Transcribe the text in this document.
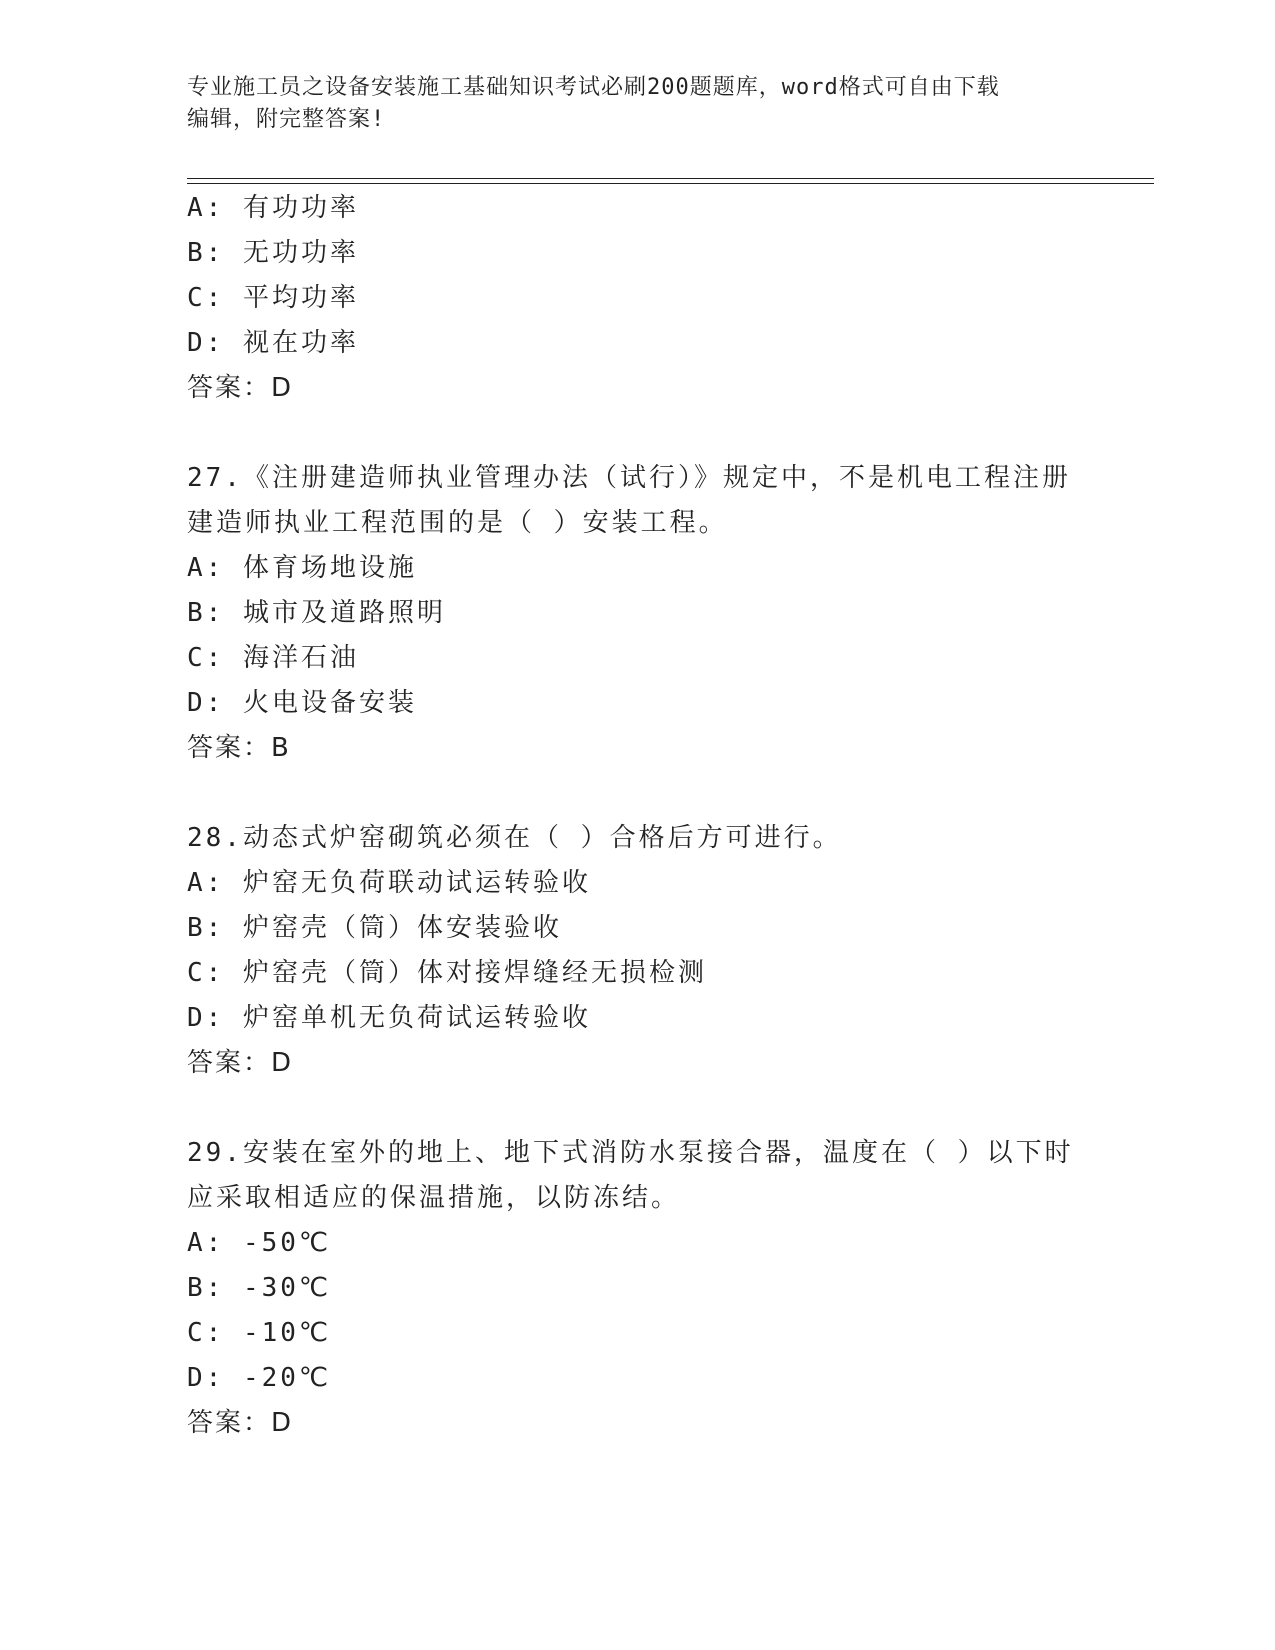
专业施工员之设备安装施工基础知识考试必刷200题题库，word格式可自由下载
编辑，附完整答案!
A: 有功功率
B: 无功功率
C: 平均功率
D: 视在功率
答案：D
27.《注册建造师执业管理办法（试行）》规定中，不是机电工程注册
建造师执业工程范围的是（ ）安装工程。
A: 体育场地设施
B: 城市及道路照明
C: 海洋石油
D: 火电设备安装
答案：B
28.动态式炉窑砌筑必须在（ ）合格后方可进行。
A: 炉窑无负荷联动试运转验收
B: 炉窑壳（筒）体安装验收
C: 炉窑壳（筒）体对接焊缝经无损检测
D: 炉窑单机无负荷试运转验收
答案：D
29.安装在室外的地上、地下式消防水泵接合器，温度在（ ）以下时
应采取相适应的保温措施，以防冻结。
A: -50℃
B: -30℃
C: -10℃
D: -20℃
答案：D
